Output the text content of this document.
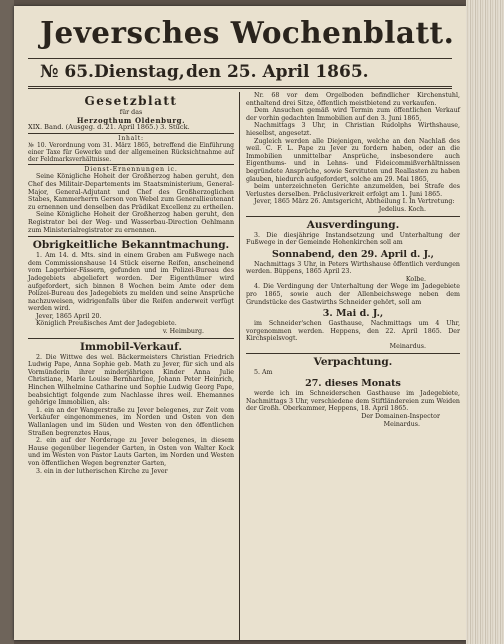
Jeversches Wochenblatt.
№ 65. Dienstag, den 25. April 1865.
Gesetzblatt

für das

Herzogthum Oldenburg.

XIX. Band. (Ausgeg. d. 21. April 1865.) 3. Stück.

Inhalt:

№ 10. Verordnung vom 31. März 1865, betreffend die Einführung einer Taxe für Gewerke und der allgemeinen Rücksichtnahme auf der Feldmarksverhältnisse.

Dienst-Ernennungen ic.

Seine Königliche Hoheit der Großherzog haben geruht, den Chef des Militair-Departements im Staatsministerium, General-Major, General-Adjutant und Chef des Großherzoglichen Stabes, Kammerherrn Gerson von Webel zum Generallieutenant zu ernennen und denselben das Prädikat Excellenz zu ertheilen.

Seine Königliche Hoheit der Großherzog haben geruht, den Registrator bei der Weg- und Wasserbau-Direction Oehlmann zum Ministerialregistrator zu ernennen.

Obrigkeitliche Bekanntmachung.

1. Am 14. d. Mts. sind in einem Graben am Fußwege nach dem Commissionshause 14 Stück eiserne Reifen, anscheinend vom Lagerbier-Fässern, gefunden und im Polizei-Bureau des Jadegebiets abgeliefert worden. Der Eigenthümer wird aufgefordert, sich binnen 8 Wochen beim Amte oder dem Polizei-Bureau des Jadegebiets zu melden und seine Ansprüche nachzuweisen, widrigenfalls über die Reifen anderweit verfügt werden wird.

Jever, 1865 April 20.

Königlich Preußisches Amt der Jadegebiete.

v. Heimburg.

Immobil-Verkauf.

2. Die Wittwe des wel. Bäckermeisters Christian Friedrich Ludwig Pape, Anna Sophie geb. Math zu Jever, für sich und als Vormünderin ihrer minderjährigen Kinder Anna Julie Christiane, Marie Louise Bernhardine, Johann Peter Heinrich, Hinchen Wilhelmine Catharine und Sophie Ludwig Georg Pape, beabsichtigt folgende zum Nachlasse ihres weil. Ehemannes gehörige Immobilien, als:

1. ein an der Wangerstraße zu Jever belegenes, zur Zeit vom Verkäufer eingenommenes, im Norden und Osten von den Wallanlagen und im Süden und Westen von den öffentlichen Straßen begrenztes Haus,

2. ein auf der Norderage zu Jever belegenes, in diesem Hause gegenüber liegender Garten, in Osten von Walter Kock und im Westen von Pastor Lauts Garten, im Norden und Westen von öffentlichen Wegen begrenzter Garten,

3. ein in der lutherischen Kirche zu Jever

Nr. 68 vor dem Orgelboden befindlicher Kirchenstuhl, enthaltend drei Sitze, öffentlich meistbietend zu verkaufen.

Dem Ansuchen gemäß wird Termin zum öffentlichen Verkauf der vorhin gedachten Immobilien auf den 3. Juni 1865,

Nachmittags 3 Uhr, in Christian Rudolphs Wirthshause, hieselbst, angesetzt.

Zugleich werden alle Diejenigen, welche an den Nachlaß des weil. C. F. L. Pape zu Jever zu fordern haben, oder an die Immobilien unmittelbar Ansprüche, insbesondere auch Eigenthums- und in Lehns- und Fideicommißverhältnissen begründete Ansprüche, sowie Servituten und Reallasten zu haben glauben, hiedurch aufgefordert, solche am 29. Mai 1865,

beim unterzeichneten Gerichte anzumelden, bei Strafe des Verlustes derselben. Präclusiverkreit erfolgt am 1. Juni 1865.

Jever, 1865 März 26. Amtsgericht, Abtheilung I. In Vertretung:

Jedelius. Koch.

Ausverdingung.

3. Die diesjährige Instandsetzung und Unterhaltung der Fußwege in der Gemeinde Hohenkirchen soll am

Sonnabend, den 29. April d. J.,

Nachmittags 3 Uhr, in Peters Wirthshause öffentlich verdungen werden. Büppens, 1865 April 23.

Kolbe.

4. Die Verdingung der Unterhaltung der Wege im Jadegebiete pro 1865, sowie auch der Allenbeichswege neben dem Grundstücke des Gastwirths Schneider gehört, soll am

3. Mai d. J.,

im Schneider'schen Gasthause, Nachmittags um 4 Uhr, vorgenommen werden. Heppens, den 22. April 1865. Der Kirchspielsvogt.

Meinardus.

Verpachtung.

5. Am

27. dieses Monats

werde ich im Schneiderschen Gasthause im Jadegebiete, Nachmittags 3 Uhr, verschiedene dem Stiftländereien zum Weiden der Großh. Oberkammer, Heppens, 18. April 1865.

Der Domainen-Inspector

Meinardus.
